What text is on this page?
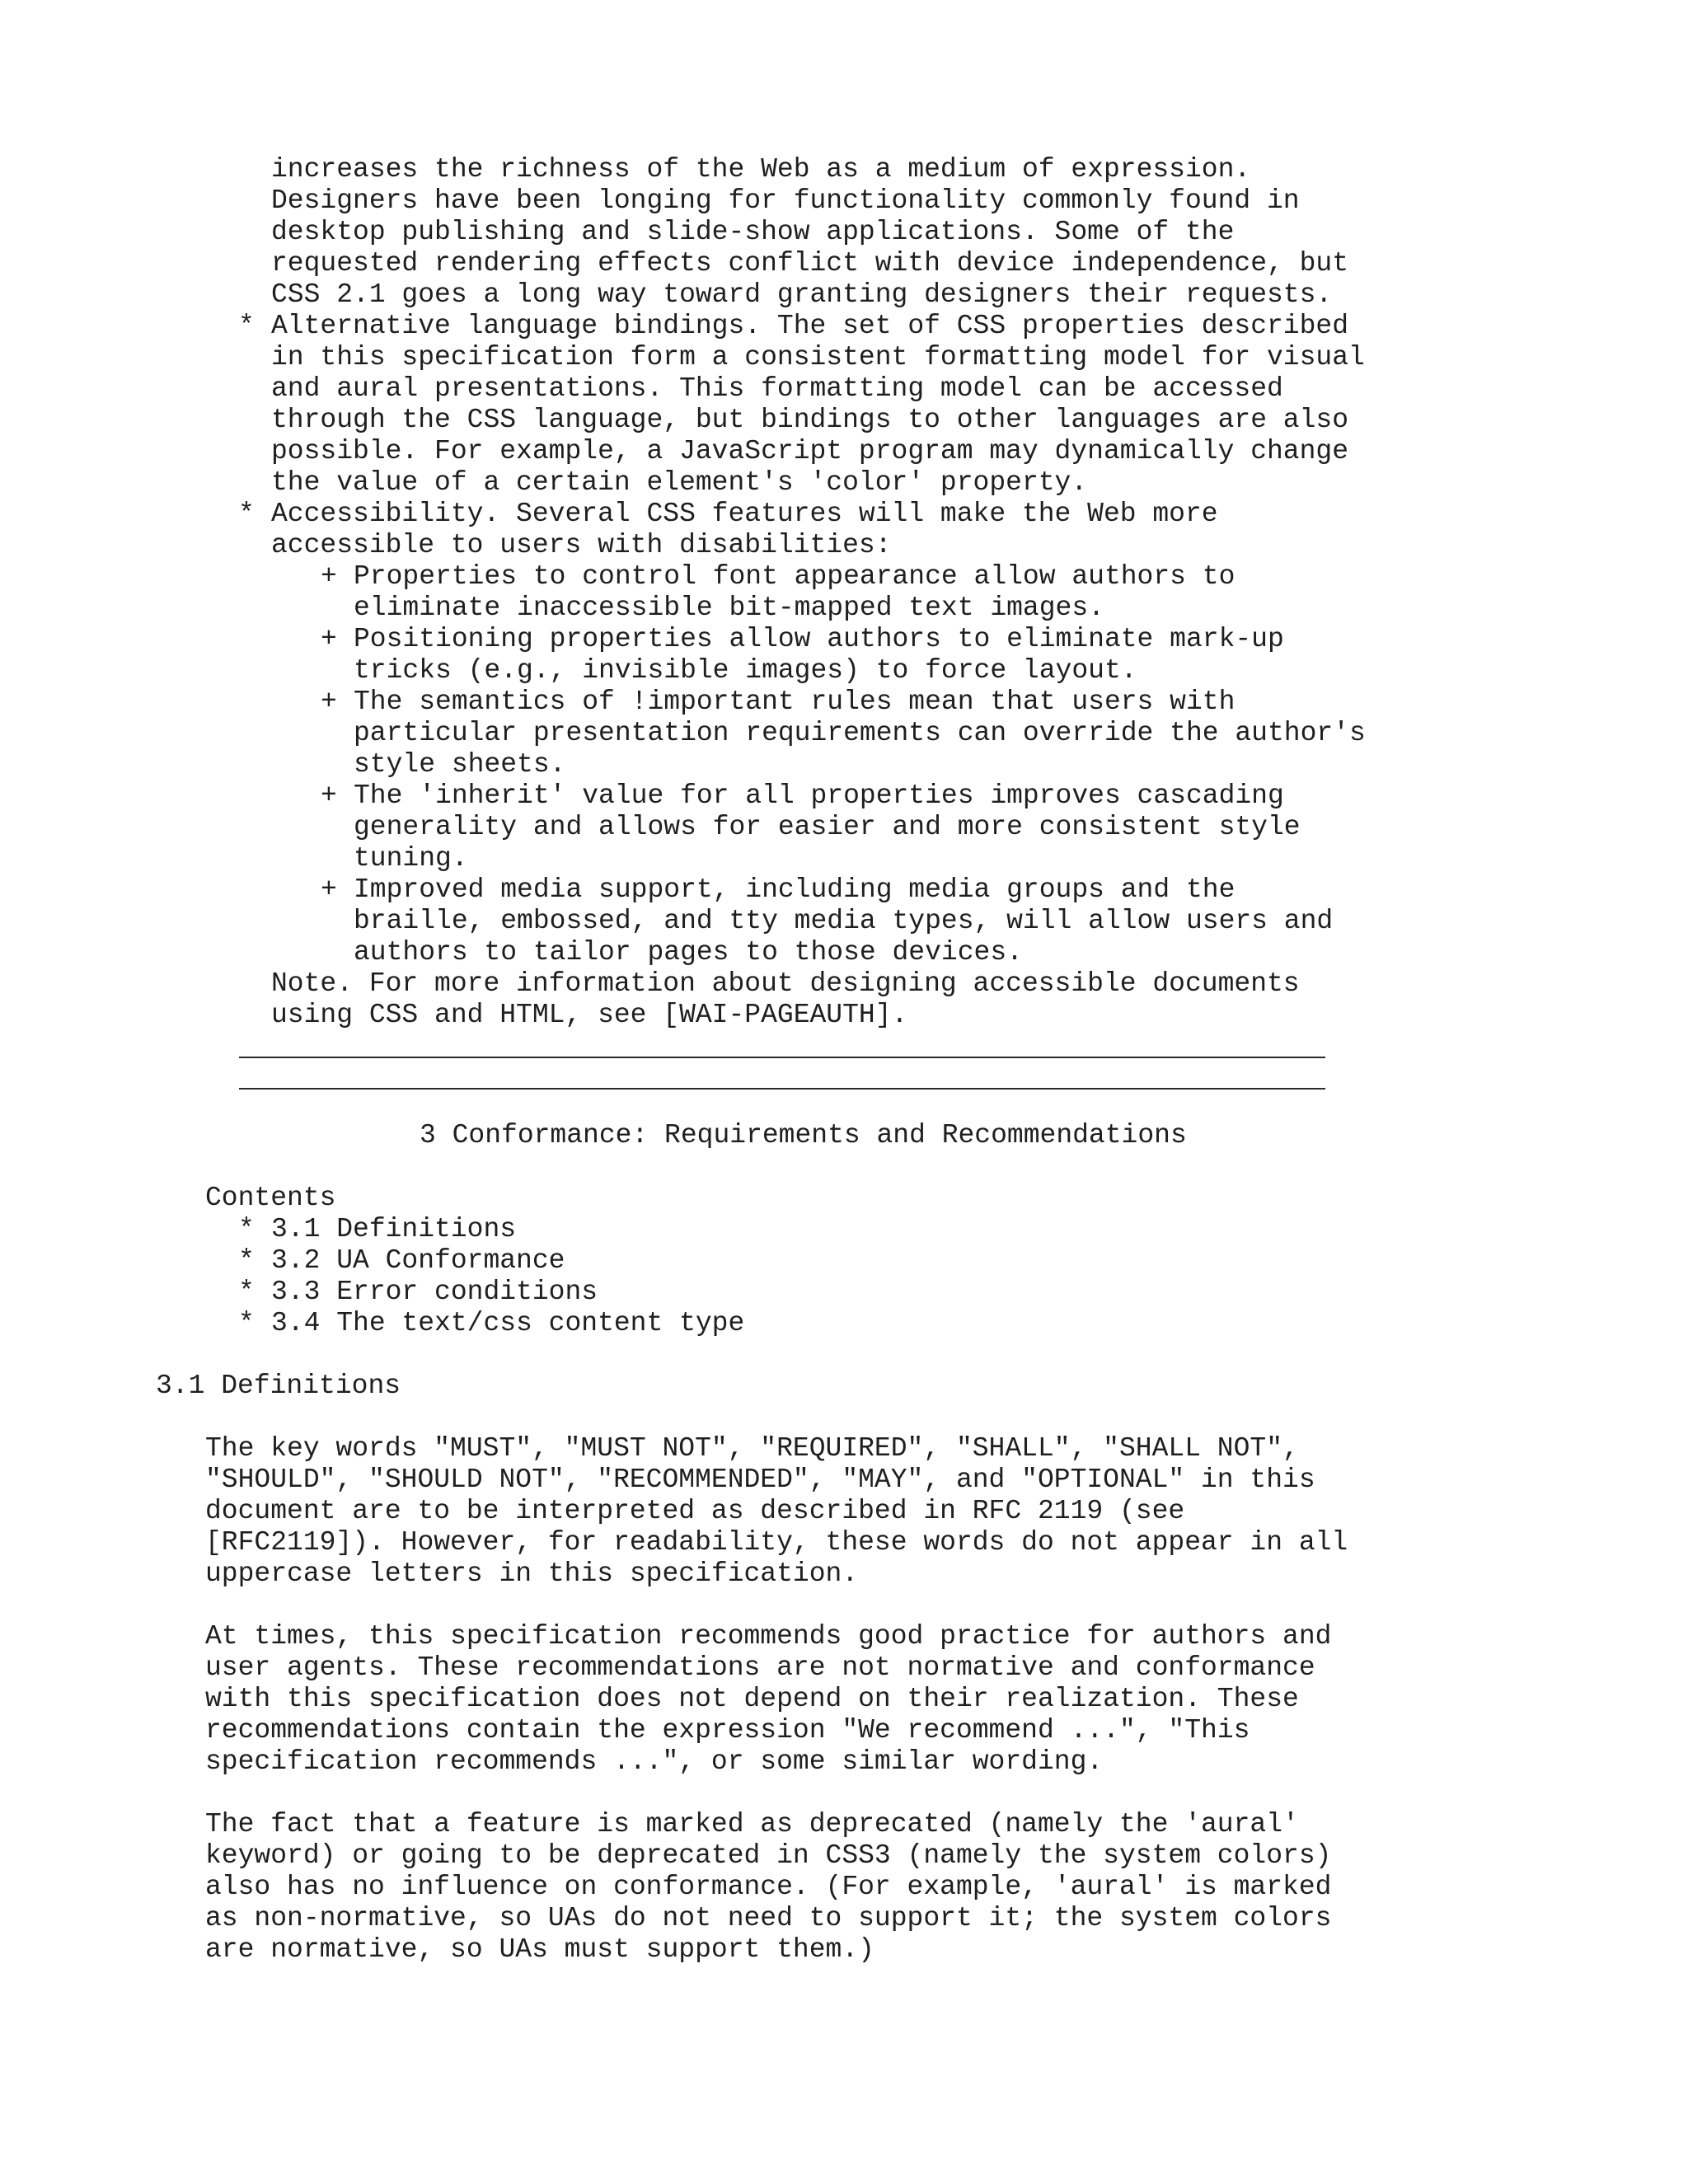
increases the richness of the Web as a medium of expression.

Designers have been longing for functionality commonly found in

desktop publishing and slide-show applications. Some of the

requested rendering effects conflict with device independence, but

CSS 2.1 goes a long way toward granting designers their requests.

* Alternative language bindings. The set of CSS properties described

in this specification form a consistent formatting model for visual

and aural presentations. This formatting model can be accessed

through the CSS language, but bindings to other languages are also

possible. For example, a JavaScript program may dynamically change

the value of a certain element's 'color' property.

* Accessibility. Several CSS features will make the Web more

accessible to users with disabilities:

+ Properties to control font appearance allow authors to

eliminate inaccessible bit-mapped text images.

+ Positioning properties allow authors to eliminate mark-up

tricks (e.g., invisible images) to force layout.

+ The semantics of !important rules mean that users with

particular presentation requirements can override the author's

style sheets.

+ The 'inherit' value for all properties improves cascading

generality and allows for easier and more consistent style

tuning.

+ Improved media support, including media groups and the

braille, embossed, and tty media types, will allow users and

authors to tailor pages to those devices.

Note. For more information about designing accessible documents

using CSS and HTML, see [WAI-PAGEAUTH].

3 Conformance: Requirements and Recommendations

Contents

* 3.1 Definitions

* 3.2 UA Conformance

* 3.3 Error conditions

* 3.4 The text/css content type

3.1 Definitions

The key words "MUST", "MUST NOT", "REQUIRED", "SHALL", "SHALL NOT",

"SHOULD", "SHOULD NOT", "RECOMMENDED", "MAY", and "OPTIONAL" in this

document are to be interpreted as described in RFC 2119 (see

[RFC2119]). However, for readability, these words do not appear in all

uppercase letters in this specification.

At times, this specification recommends good practice for authors and

user agents. These recommendations are not normative and conformance

with this specification does not depend on their realization. These

recommendations contain the expression "We recommend ...", "This

specification recommends ...", or some similar wording.

The fact that a feature is marked as deprecated (namely the 'aural'

keyword) or going to be deprecated in CSS3 (namely the system colors)

also has no influence on conformance. (For example, 'aural' is marked

as non-normative, so UAs do not need to support it; the system colors

are normative, so UAs must support them.)
